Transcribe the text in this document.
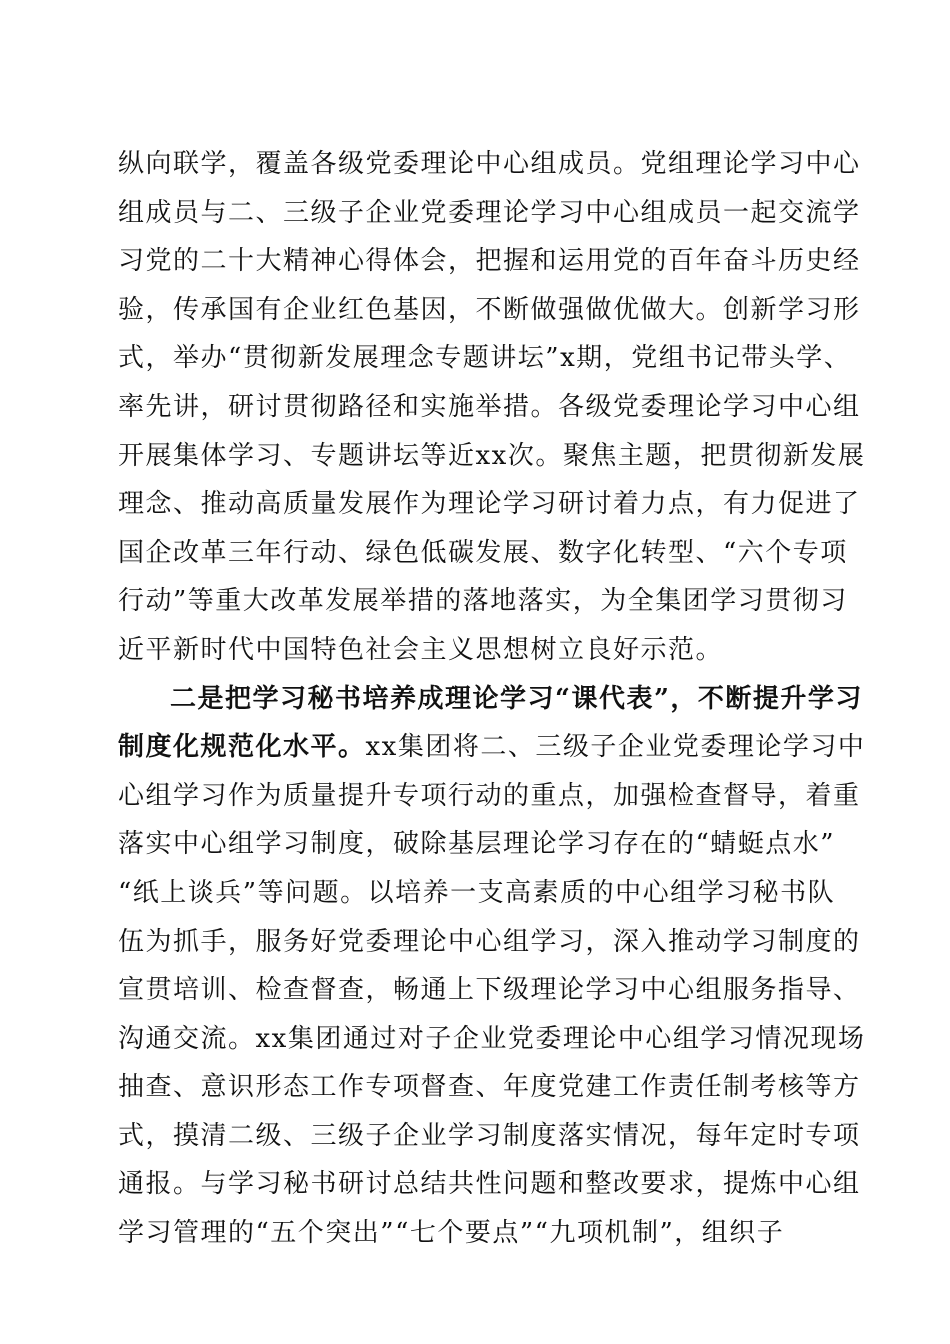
纵向联学，覆盖各级党委理论中心组成员。党组理论学习中心
组成员与二、三级子企业党委理论学习中心组成员一起交流学
习党的二十大精神心得体会，把握和运用党的百年奋斗历史经
验，传承国有企业红色基因，不断做强做优做大。创新学习形
式，举办“贯彻新发展理念专题讲坛”x期，党组书记带头学、
率先讲，研讨贯彻路径和实施举措。各级党委理论学习中心组
开展集体学习、专题讲坛等近xx次。聚焦主题，把贯彻新发展
理念、推动高质量发展作为理论学习研讨着力点，有力促进了
国企改革三年行动、绿色低碳发展、数字化转型、“六个专项
行动”等重大改革发展举措的落地落实，为全集团学习贯彻习
近平新时代中国特色社会主义思想树立良好示范。
二是把学习秘书培养成理论学习“课代表”，不断提升学习
制度化规范化水平。xx集团将二、三级子企业党委理论学习中
心组学习作为质量提升专项行动的重点，加强检查督导，着重
落实中心组学习制度，破除基层理论学习存在的“蜻蜓点水”
“纸上谈兵”等问题。以培养一支高素质的中心组学习秘书队
伍为抓手，服务好党委理论中心组学习，深入推动学习制度的
宣贯培训、检查督查，畅通上下级理论学习中心组服务指导、
沟通交流。xx集团通过对子企业党委理论中心组学习情况现场
抽查、意识形态工作专项督查、年度党建工作责任制考核等方
式，摸清二级、三级子企业学习制度落实情况，每年定时专项
通报。与学习秘书研讨总结共性问题和整改要求，提炼中心组
学习管理的“五个突出”“七个要点”“九项机制”，组织子
